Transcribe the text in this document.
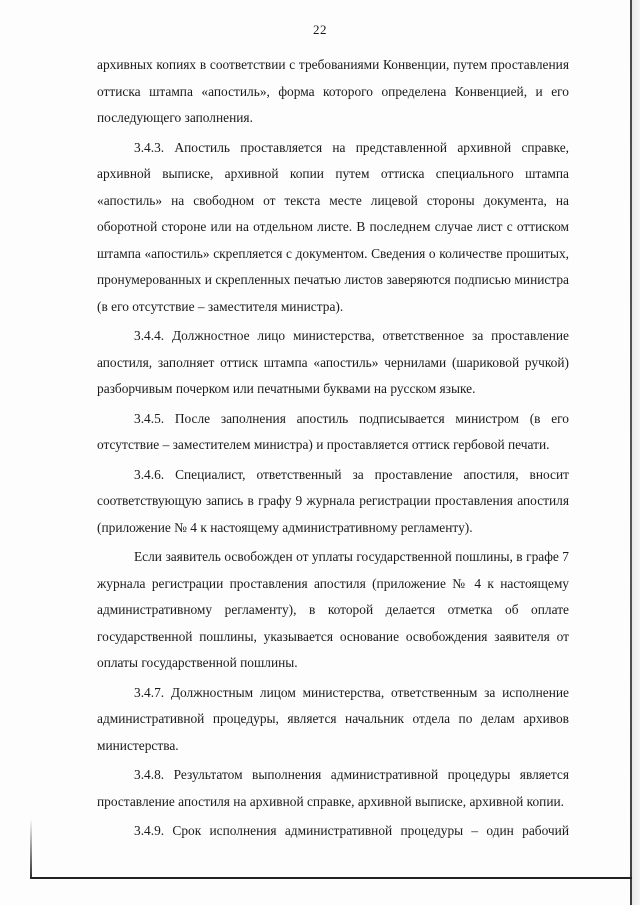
22

архивных копиях в соответствии с требованиями Конвенции, путем проставления оттиска штампа «апостиль», форма которого определена Конвенцией, и его последующего заполнения.

3.4.3. Апостиль проставляется на представленной архивной справке, архивной выписке, архивной копии путем оттиска специального штампа «апостиль» на свободном от текста месте лицевой стороны документа, на оборотной стороне или на отдельном листе. В последнем случае лист с оттиском штампа «апостиль» скрепляется с документом. Сведения о количестве прошитых, пронумерованных и скрепленных печатью листов заверяются подписью министра (в его отсутствие – заместителя министра).

3.4.4. Должностное лицо министерства, ответственное за проставление апостиля, заполняет оттиск штампа «апостиль» чернилами (шариковой ручкой) разборчивым почерком или печатными буквами на русском языке.

3.4.5. После заполнения апостиль подписывается министром (в его отсутствие – заместителем министра) и проставляется оттиск гербовой печати.

3.4.6. Специалист, ответственный за проставление апостиля, вносит соответствующую запись в графу 9 журнала регистрации проставления апостиля (приложение № 4 к настоящему административному регламенту).

Если заявитель освобожден от уплаты государственной пошлины, в графе 7 журнала регистрации проставления апостиля (приложение № 4 к настоящему административному регламенту), в которой делается отметка об оплате государственной пошлины, указывается основание освобождения заявителя от оплаты государственной пошлины.

3.4.7. Должностным лицом министерства, ответственным за исполнение административной процедуры, является начальник отдела по делам архивов министерства.

3.4.8. Результатом выполнения административной процедуры является проставление апостиля на архивной справке, архивной выписке, архивной копии.

3.4.9. Срок исполнения административной процедуры – один рабочий
